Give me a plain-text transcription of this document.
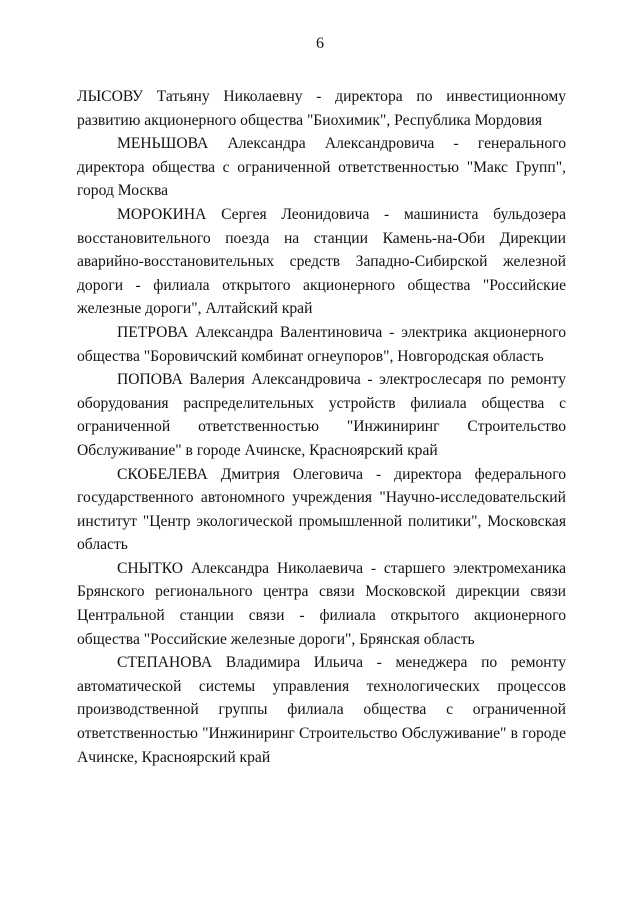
6

ЛЫСОВУ Татьяну Николаевну - директора по инвестиционному развитию акционерного общества "Биохимик", Республика Мордовия

МЕНЬШОВА Александра Александровича - генерального директора общества с ограниченной ответственностью "Макс Групп", город Москва

МОРОКИНА Сергея Леонидовича - машиниста бульдозера восстановительного поезда на станции Камень-на-Оби Дирекции аварийно-восстановительных средств Западно-Сибирской железной дороги - филиала открытого акционерного общества "Российские железные дороги", Алтайский край

ПЕТРОВА Александра Валентиновича - электрика акционерного общества "Боровичский комбинат огнеупоров", Новгородская область

ПОПОВА Валерия Александровича - электрослесаря по ремонту оборудования распределительных устройств филиала общества с ограниченной ответственностью "Инжиниринг Строительство Обслуживание" в городе Ачинске, Красноярский край

СКОБЕЛЕВА Дмитрия Олеговича - директора федерального государственного автономного учреждения "Научно-исследовательский институт "Центр экологической промышленной политики", Московская область

СНЫТКО Александра Николаевича - старшего электромеханика Брянского регионального центра связи Московской дирекции связи Центральной станции связи - филиала открытого акционерного общества "Российские железные дороги", Брянская область

СТЕПАНОВА Владимира Ильича - менеджера по ремонту автоматической системы управления технологических процессов производственной группы филиала общества с ограниченной ответственностью "Инжиниринг Строительство Обслуживание" в городе Ачинске, Красноярский край
